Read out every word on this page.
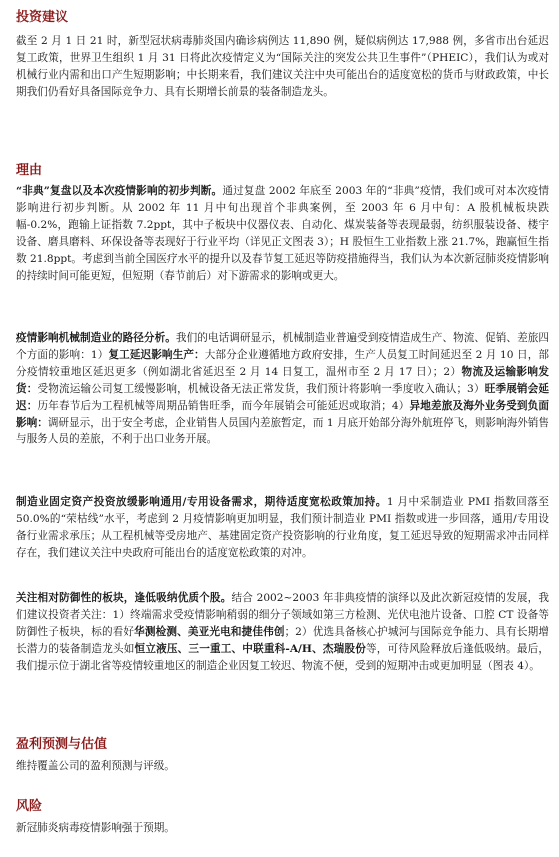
投资建议

截至 2 月 1 日 21 时，新型冠状病毒肺炎国内确诊病例达 11,890 例，疑似病例达 17,988 例，多省市出台延迟复工政策，世界卫生组织 1 月 31 日将此次疫情定义为“国际关注的突发公共卫生事件”（PHEIC），我们认为或对机械行业内需和出口产生短期影响；中长期来看，我们建议关注中央可能出台的适度宽松的货币与财政政策，中长期我们仍看好具备国际竞争力、具有长期增长前景的装备制造龙头。

理由

“非典”复盘以及本次疫情影响的初步判断。通过复盘 2002 年底至 2003 年的“非典”疫情，我们或可对本次疫情影响进行初步判断。从 2002 年 11 月中旬出现首个非典案例，至 2003 年 6 月中旬：A 股机械板块跌幅-0.2%，跑输上证指数 7.2ppt，其中子板块中仪器仪表、自动化、煤炭装备等表现最弱，纺织服装设备、楼宇设备、磨具磨料、环保设备等表现好于行业平均（详见正文图表 3）；H 股恒生工业指数上涨 21.7%，跑赢恒生指数 21.8ppt。考虑到当前全国医疗水平的提升以及春节复工延迟等防疫措施得当，我们认为本次新冠肺炎疫情影响的持续时间可能更短，但短期（春节前后）对下游需求的影响或更大。

疫情影响机械制造业的路径分析。我们的电话调研显示，机械制造业普遍受到疫情造成生产、物流、促销、差旅四个方面的影响：1）复工延迟影响生产：大部分企业遵循地方政府安排，生产人员复工时间延迟至 2 月 10 日，部分疫情较重地区延迟更多（例如湖北省延迟至 2 月 14 日复工，温州市至 2 月 17 日）；2）物流及运输影响发货：受物流运输公司复工缓慢影响，机械设备无法正常发货，我们预计将影响一季度收入确认；3）旺季展销会延迟：历年春节后为工程机械等周期品销售旺季，而今年展销会可能延迟或取消；4）异地差旅及海外业务受到负面影响：调研显示，出于安全考虑，企业销售人员国内差旅暂定，而 1 月底开始部分海外航班停飞，则影响海外销售与服务人员的差旅，不利于出口业务开展。

制造业固定资产投资放缓影响通用/专用设备需求，期待适度宽松政策加持。1 月中采制造业 PMI 指数回落至 50.0%的“荣枯线”水平，考虑到 2 月疫情影响更加明显，我们预计制造业 PMI 指数或进一步回落，通用/专用设备行业需求承压；从工程机械等受房地产、基建固定资产投资影响的行业角度，复工延迟导致的短期需求冲击同样存在，我们建议关注中央政府可能出台的适度宽松政策的对冲。

关注相对防御性的板块，逢低吸纳优质个股。结合 2002~2003 年非典疫情的演绎以及此次新冠疫情的发展，我们建议投资者关注：1）终端需求受疫情影响稍弱的细分子领域如第三方检测、光伏电池片设备、口腔 CT 设备等防御性子板块，标的看好华测检测、美亚光电和捷佳伟创；2）优选具备核心护城河与国际竞争能力、具有长期增长潜力的装备制造龙头如恒立液压、三一重工、中联重科-A/H、杰瑞股份等，可待风险释放后逢低吸纳。最后，我们提示位于湖北省等疫情较重地区的制造企业因复工较迟、物流不便，受到的短期冲击或更加明显（图表 4）。

盈利预测与估值

维持覆盖公司的盈利预测与评级。

风险

新冠肺炎病毒疫情影响强于预期。
